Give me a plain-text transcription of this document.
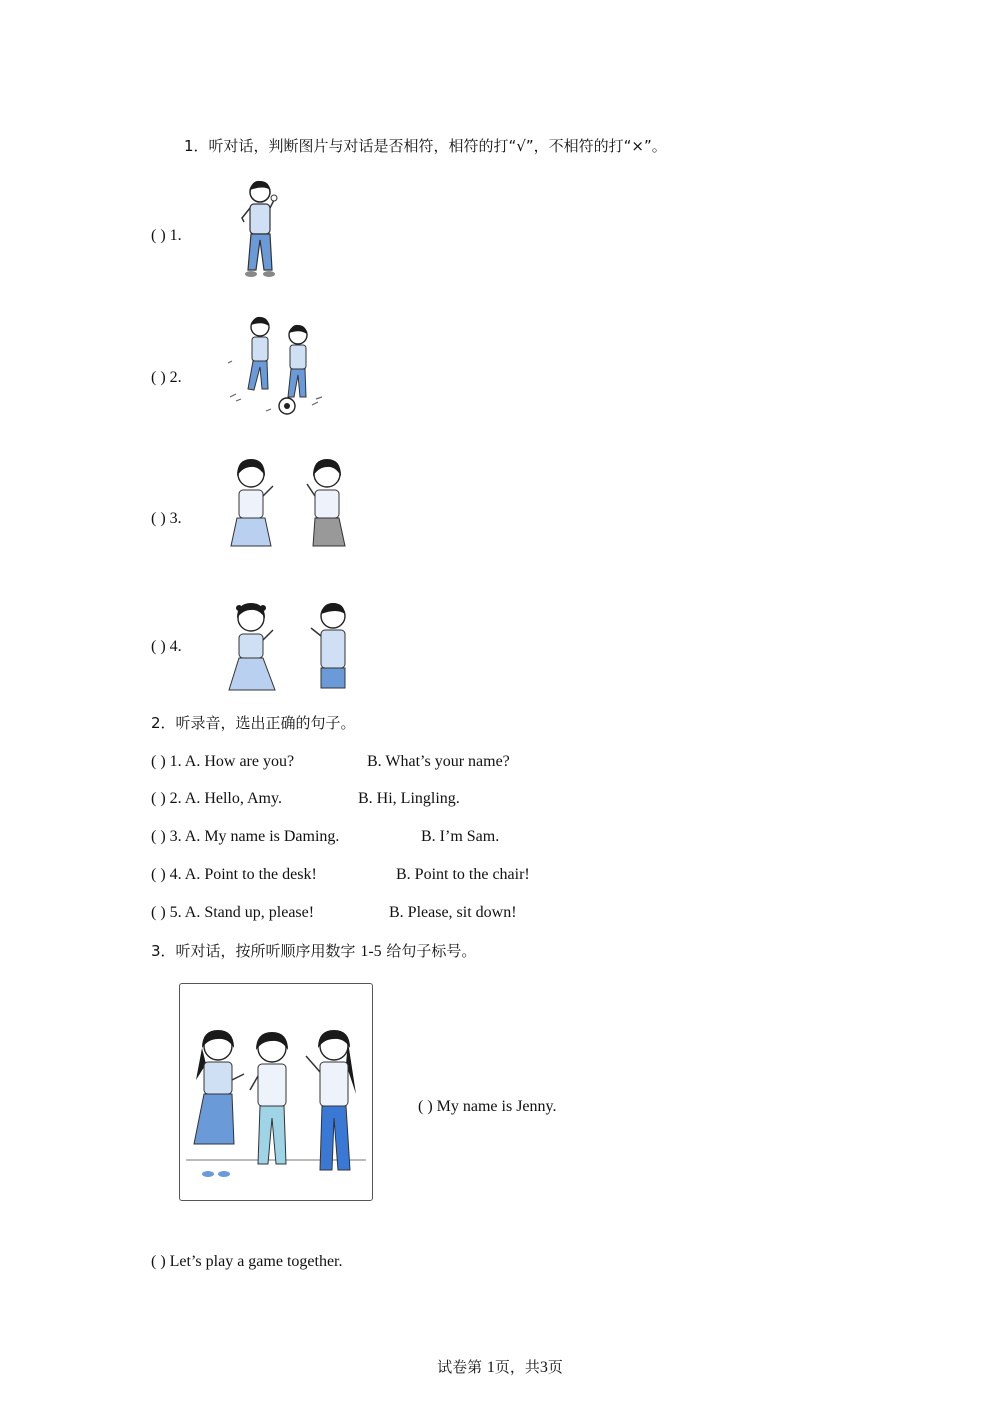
1．听对话，判断图片与对话是否相符，相符的打“√”，不相符的打“×”。
( ) 1.
( ) 2.
( ) 3.
( ) 4.
2．听录音，选出正确的句子。
( ) 1. A. How are you?	B. What’s your name?
( ) 2. A. Hello, Amy.	B. Hi, Lingling.
( ) 3. A. My name is Daming.	B. I’m Sam.
( ) 4. A. Point to the desk!	B. Point to the chair!
( ) 5. A. Stand up, please!	B. Please, sit down!
3．听对话，按所听顺序用数字 1-5 给句子标号。
( ) My name is Jenny.
( ) Let’s play a game together.
试卷第 1页，共3页
